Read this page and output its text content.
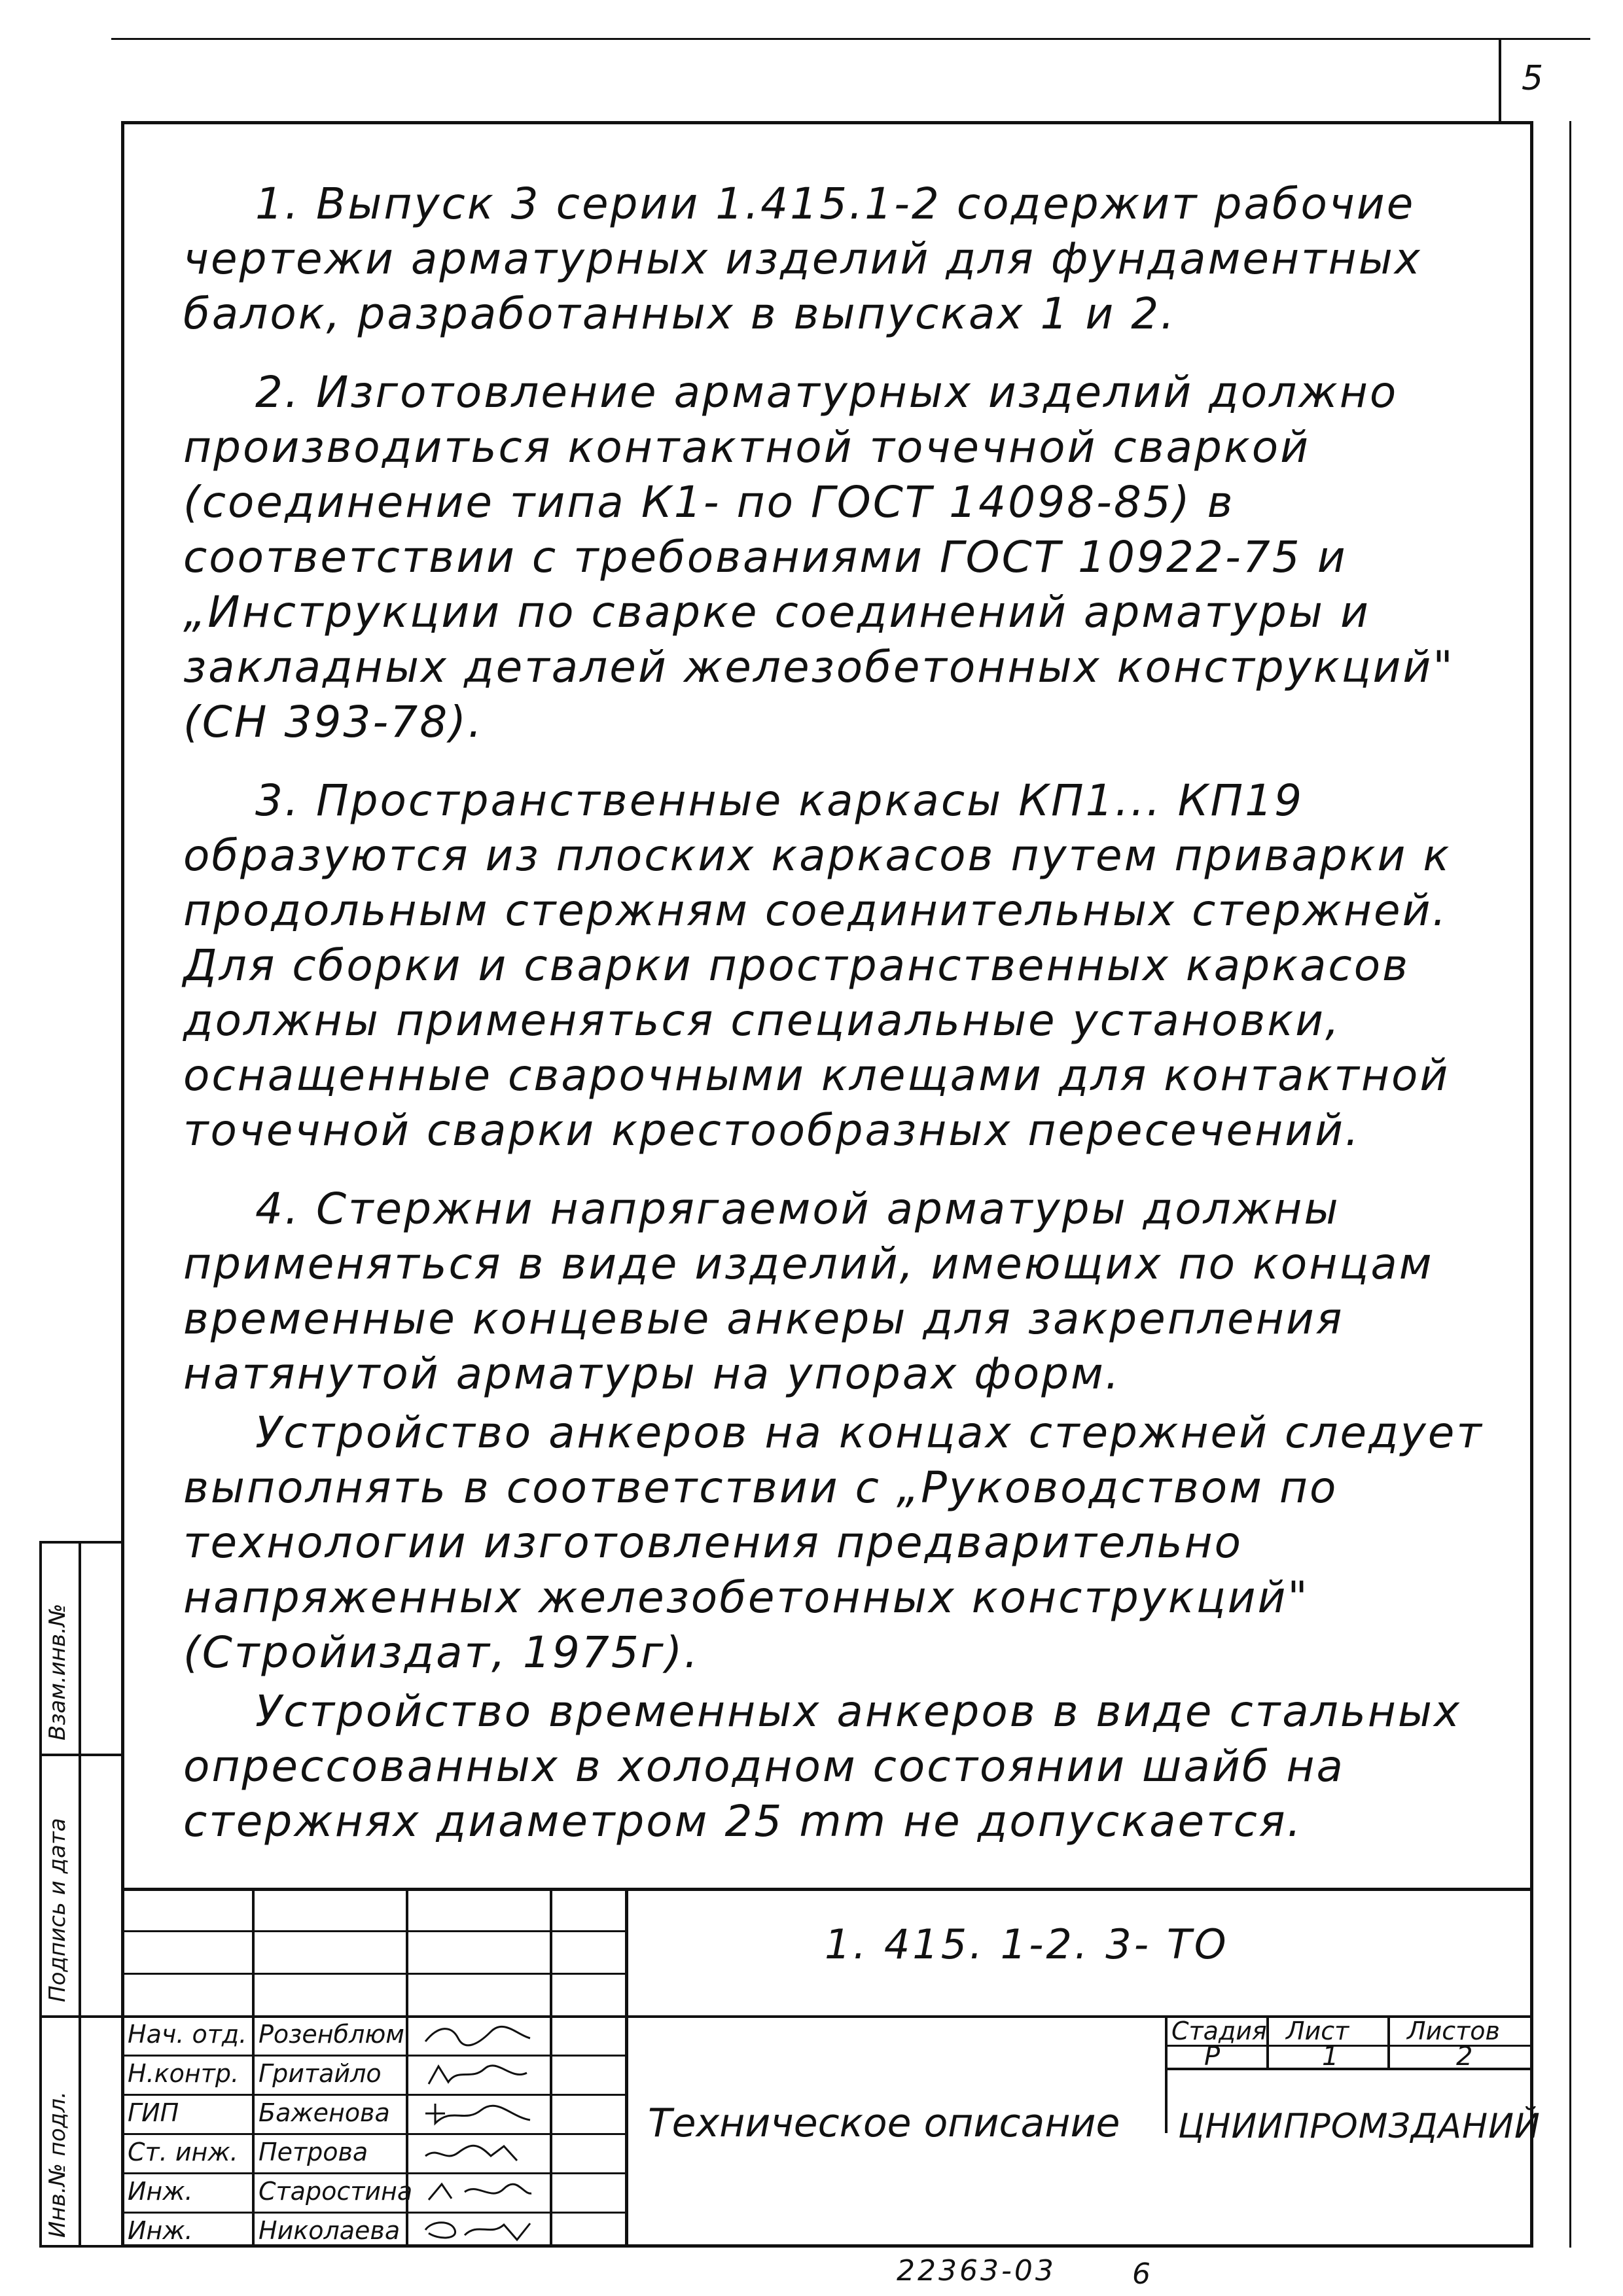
5
Инв.№ подл.
Подпись и дата
Взам.инв.№

1. Выпуск 3 серии 1.415.1-2 содержит рабочие чертежи арматурных изделий для фундаментных балок, разработанных в выпусках 1 и 2.

2. Изготовление арматурных изделий должно производиться контактной точечной сваркой (соединение типа К1- по ГОСТ 14098-85) в соответствии с требованиями ГОСТ 10922-75 и „Инструкции по сварке соединений арматуры и закладных деталей железобетонных конструкций" (СН 393-78).

3. Пространственные каркасы КП1... КП19 образуются из плоских каркасов путем приварки к продольным стержням соединительных стержней. Для сборки и сварки пространственных каркасов должны применяться специальные установки, оснащенные сварочными клещами для контактной точечной сварки крестообразных пересечений.

4. Стержни напрягаемой арматуры должны применяться в виде изделий, имеющих по концам временные концевые анкеры для закрепления натянутой арматуры на упорах форм.

Устройство анкеров на концах стержней следует выполнять в соответствии с „Руководством по технологии изготовления предварительно напряженных железобетонных конструкций" (Стройиздат, 1975г).

Устройство временных анкеров в виде стальных опрессованных в холодном состоянии шайб на стержнях диаметром 25 mm не допускается.

1. 415. 1-2. 3- ТО
Техническое описание
Стадия Лист Листов
Р	1	2
ЦНИИПРОМЗДАНИЙ
Нач. отд. Розенблюм
Н.контр. Гритайло
ГИП	Баженова
Ст. инж. Петрова
Инж.	Старостина
Инж.	Николаева
22363-03	6
